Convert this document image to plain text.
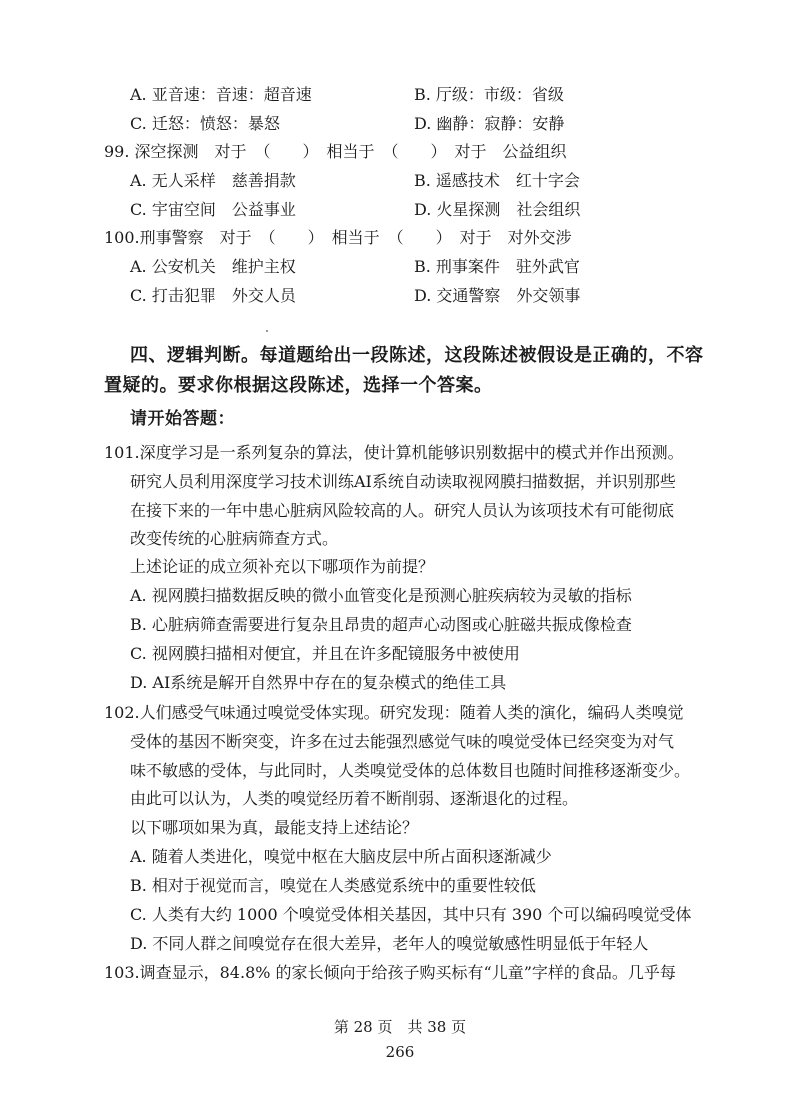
A. 亚音速：音速：超音速	B. 厅级：市级：省级
C. 迁怒：愤怒：暴怒	D. 幽静：寂静：安静
99. 深空探测　对于　（　　）　相当于　（　　）　对于　公益组织
A. 无人采样　慈善捐款	B. 遥感技术　红十字会
C. 宇宙空间　公益事业	D. 火星探测　社会组织
100.刑事警察　对于　（　　）　相当于　（　　）　对于　对外交涉
A. 公安机关　维护主权	B. 刑事案件　驻外武官
C. 打击犯罪　外交人员	D. 交通警察　外交领事
四、逻辑判断。每道题给出一段陈述，这段陈述被假设是正确的，不容
置疑的。要求你根据这段陈述，选择一个答案。
请开始答题：
101.深度学习是一系列复杂的算法，使计算机能够识别数据中的模式并作出预测。
研究人员利用深度学习技术训练AI系统自动读取视网膜扫描数据，并识别那些
在接下来的一年中患心脏病风险较高的人。研究人员认为该项技术有可能彻底
改变传统的心脏病筛查方式。
上述论证的成立须补充以下哪项作为前提？
A. 视网膜扫描数据反映的微小血管变化是预测心脏疾病较为灵敏的指标
B. 心脏病筛查需要进行复杂且昂贵的超声心动图或心脏磁共振成像检查
C. 视网膜扫描相对便宜，并且在许多配镜服务中被使用
D. AI系统是解开自然界中存在的复杂模式的绝佳工具
102.人们感受气味通过嗅觉受体实现。研究发现：随着人类的演化，编码人类嗅觉
受体的基因不断突变，许多在过去能强烈感觉气味的嗅觉受体已经突变为对气
味不敏感的受体，与此同时，人类嗅觉受体的总体数目也随时间推移逐渐变少。
由此可以认为，人类的嗅觉经历着不断削弱、逐渐退化的过程。
以下哪项如果为真，最能支持上述结论？
A. 随着人类进化，嗅觉中枢在大脑皮层中所占面积逐渐减少
B. 相对于视觉而言，嗅觉在人类感觉系统中的重要性较低
C. 人类有大约 1000 个嗅觉受体相关基因，其中只有 390 个可以编码嗅觉受体
D. 不同人群之间嗅觉存在很大差异，老年人的嗅觉敏感性明显低于年轻人
103.调查显示，84.8% 的家长倾向于给孩子购买标有“儿童”字样的食品。几乎每
第 28 页　共 38 页
266
